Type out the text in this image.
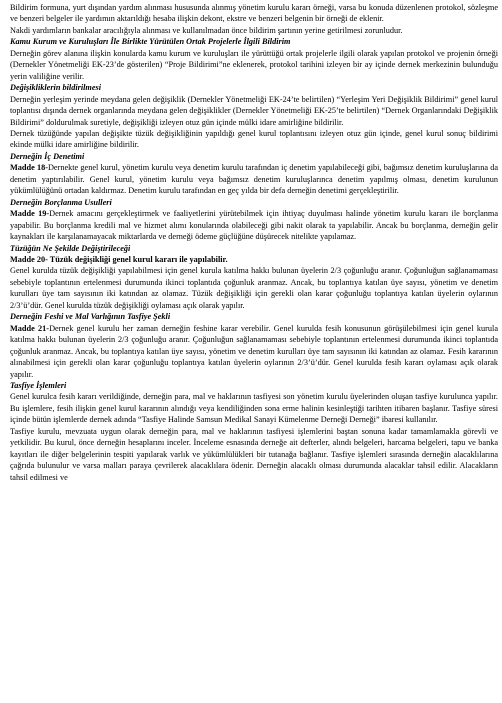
Bildirim formuna, yurt dışından yardım alınması hususunda alınmış yönetim kurulu kararı örneği, varsa bu konuda düzenlenen protokol, sözleşme ve benzeri belgeler ile yardımın aktarıldığı hesaba ilişkin dekont, ekstre ve benzeri belgenin bir örneği de eklenir.

Nakdi yardımların bankalar aracılığıyla alınması ve kullanılmadan önce bildirim şartının yerine getirilmesi zorunludur.

Kamu Kurum ve Kuruluşları İle Birlikte Yürütülen Ortak Projelerle İlgili Bildirim

Derneğin görev alanına ilişkin konularda kamu kurum ve kuruluşları ile yürüttüğü ortak projelerle ilgili olarak yapılan protokol ve projenin örneği (Dernekler Yönetmeliği EK-23’de gösterilen) “Proje Bildirimi”ne eklenerek, protokol tarihini izleyen bir ay içinde dernek merkezinin bulunduğu yerin valiliğine verilir.

Değişikliklerin bildirilmesi

Derneğin yerleşim yerinde meydana gelen değişiklik (Dernekler Yönetmeliği EK-24’te belirtilen) “Yerleşim Yeri Değişiklik Bildirimi” genel kurul toplantısı dışında dernek organlarında meydana gelen değişiklikler (Dernekler Yönetmeliği EK-25’te belirtilen) “Dernek Organlarındaki Değişiklik Bildirimi” doldurulmak suretiyle, değişikliği izleyen otuz gün içinde mülki idare amirliğine bildirilir.

Dernek tüzüğünde yapılan değişikte tüzük değişikliğinin yapıldığı genel kurul toplantısını izleyen otuz gün içinde, genel kurul sonuç bildirimi ekinde mülki idare amirliğine bildirilir.

Derneğin İç Denetimi

Madde 18-Dernekte genel kurul, yönetim kurulu veya denetim kurulu tarafından iç denetim yapılabileceği gibi, bağımsız denetim kuruluşlarına da denetim yaptırılabilir. Genel kurul, yönetim kurulu veya bağımsız denetim kuruluşlarınca denetim yapılmış olması, denetim kurulunun yükümlülüğünü ortadan kaldırmaz. Denetim kurulu tarafından en geç yılda bir defa derneğin denetimi gerçekleştirilir.

Derneğin Borçlanma Usulleri

Madde 19-Dernek amacını gerçekleştirmek ve faaliyetlerini yürütebilmek için ihtiyaç duyulması halinde yönetim kurulu kararı ile borçlanma yapabilir. Bu borçlanma kredili mal ve hizmet alımı konularında olabileceği gibi nakit olarak ta yapılabilir. Ancak bu borçlanma, derneğin gelir kaynakları ile karşılanamayacak miktarlarda ve derneği ödeme güçlüğüne düşürecek nitelikte yapılamaz.

Tüzüğün Ne Şekilde Değiştirileceği
Madde 20- Tüzük değişikliği genel kurul kararı ile yapılabilir.

Genel kurulda tüzük değişikliği yapılabilmesi için genel kurula katılma hakkı bulunan üyelerin 2/3 çoğunluğu aranır. Çoğunluğun sağlanamaması sebebiyle toplantının ertelenmesi durumunda ikinci toplantıda çoğunluk aranmaz. Ancak, bu toplantıya katılan üye sayısı, yönetim ve denetim kurulları üye tam sayısının iki katından az olamaz. Tüzük değişikliği için gerekli olan karar çoğunluğu toplantıya katılan üyelerin oylarının 2/3’ü’dür. Genel kurulda tüzük değişikliği oylaması açık olarak yapılır.

Derneğin Feshi ve Mal Varlığının Tasfiye Şekli

Madde 21-Dernek genel kurulu her zaman derneğin feshine karar verebilir. Genel kurulda fesih konusunun görüşülebilmesi için genel kurula katılma hakkı bulunan üyelerin 2/3 çoğunluğu aranır. Çoğunluğun sağlanamaması sebebiyle toplantının ertelenmesi durumunda ikinci toplantıda çoğunluk aranmaz. Ancak, bu toplantıya katılan üye sayısı, yönetim ve denetim kurulları üye tam sayısının iki katından az olamaz. Fesih kararının alınabilmesi için gerekli olan karar çoğunluğu toplantıya katılan üyelerin oylarının 2/3’ü’dür. Genel kurulda fesih kararı oylaması açık olarak yapılır.

Tasfiye İşlemleri

Genel kurulca fesih kararı verildiğinde, derneğin para, mal ve haklarının tasfiyesi son yönetim kurulu üyelerinden oluşan tasfiye kurulunca yapılır. Bu işlemlere, fesih ilişkin genel kurul kararının alındığı veya kendiliğinden sona erme halinin kesinleştiği tarihten itibaren başlanır. Tasfiye süresi içinde bütün işlemlerde dernek adında “Tasfiye Halinde Samsun Medikal Sanayi Kümelenme Derneği Derneği” ibaresi kullanılır.

Tasfiye kurulu, mevzuata uygun olarak derneğin para, mal ve haklarının tasfiyesi işlemlerini baştan sonuna kadar tamamlamakla görevli ve yetkilidir. Bu kurul, önce derneğin hesaplarını inceler. İnceleme esnasında derneğe ait defterler, alındı belgeleri, harcama belgeleri, tapu ve banka kayıtları ile diğer belgelerinin tespiti yapılarak varlık ve yükümlülükleri bir tutanağa bağlanır. Tasfiye işlemleri sırasında derneğin alacaklılarına çağrıda bulunulur ve varsa malları paraya çevrilerek alacaklılara ödenir. Derneğin alacaklı olması durumunda alacaklar tahsil edilir. Alacakların tahsil edilmesi ve
